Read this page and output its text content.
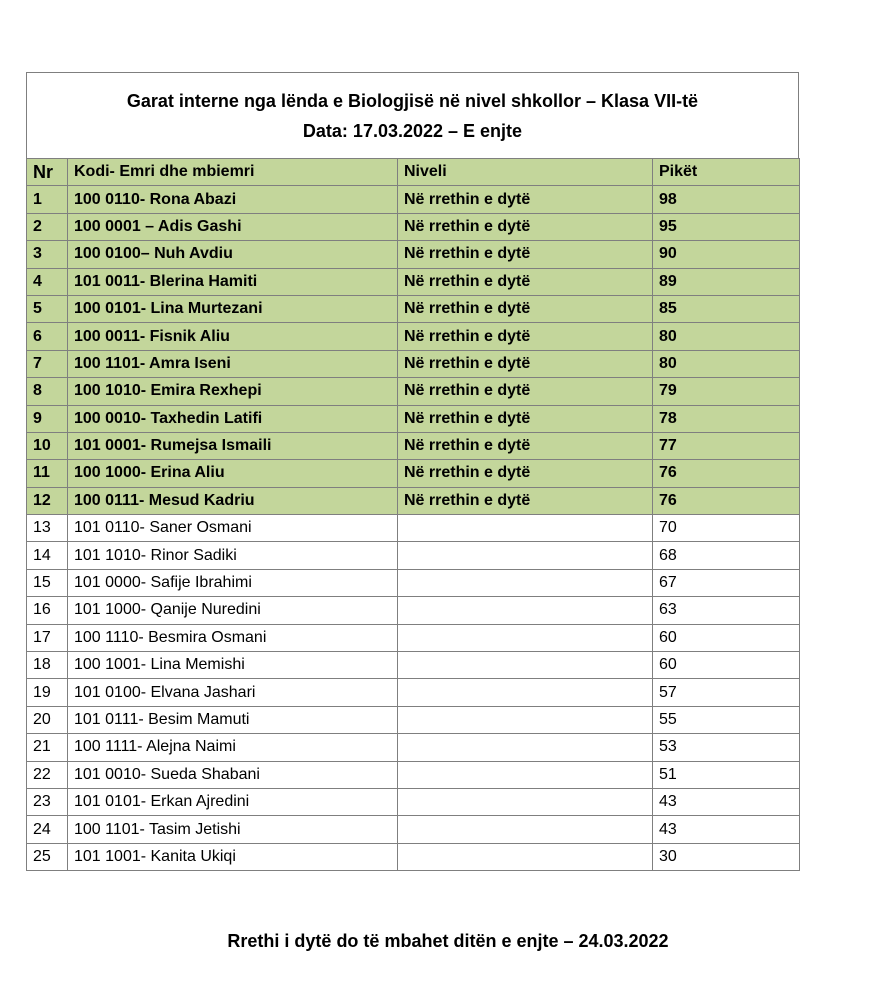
Garat interne nga lënda e Biologjisë në nivel shkollor – Klasa VII-të
Data: 17.03.2022 – E enjte
Nr	Kodi- Emri dhe mbiemri	Niveli	Pikët
1	100 0110- Rona Abazi	Në rrethin e dytë	98
2	100 0001 – Adis Gashi	Në rrethin e dytë	95
3	100 0100– Nuh Avdiu	Në rrethin e dytë	90
4	101 0011- Blerina Hamiti	Në rrethin e dytë	89
5	100 0101- Lina Murtezani	Në rrethin e dytë	85
6	100 0011- Fisnik Aliu	Në rrethin e dytë	80
7	100 1101- Amra Iseni	Në rrethin e dytë	80
8	100 1010- Emira Rexhepi	Në rrethin e dytë	79
9	100 0010- Taxhedin Latifi	Në rrethin e dytë	78
10	101 0001- Rumejsa Ismaili	Në rrethin e dytë	77
11	100 1000- Erina Aliu	Në rrethin e dytë	76
12	100 0111- Mesud Kadriu	Në rrethin e dytë	76
13	101 0110- Saner Osmani		70
14	101 1010- Rinor Sadiki		68
15	101 0000- Safije Ibrahimi		67
16	101 1000- Qanije Nuredini		63
17	100 1110- Besmira Osmani		60
18	100 1001- Lina Memishi		60
19	101 0100- Elvana Jashari		57
20	101 0111- Besim Mamuti		55
21	100 1111- Alejna Naimi		53
22	101 0010- Sueda Shabani		51
23	101 0101- Erkan Ajredini		43
24	100 1101- Tasim Jetishi		43
25	101 1001- Kanita Ukiqi		30
Rrethi i dytë do të mbahet ditën e enjte – 24.03.2022
